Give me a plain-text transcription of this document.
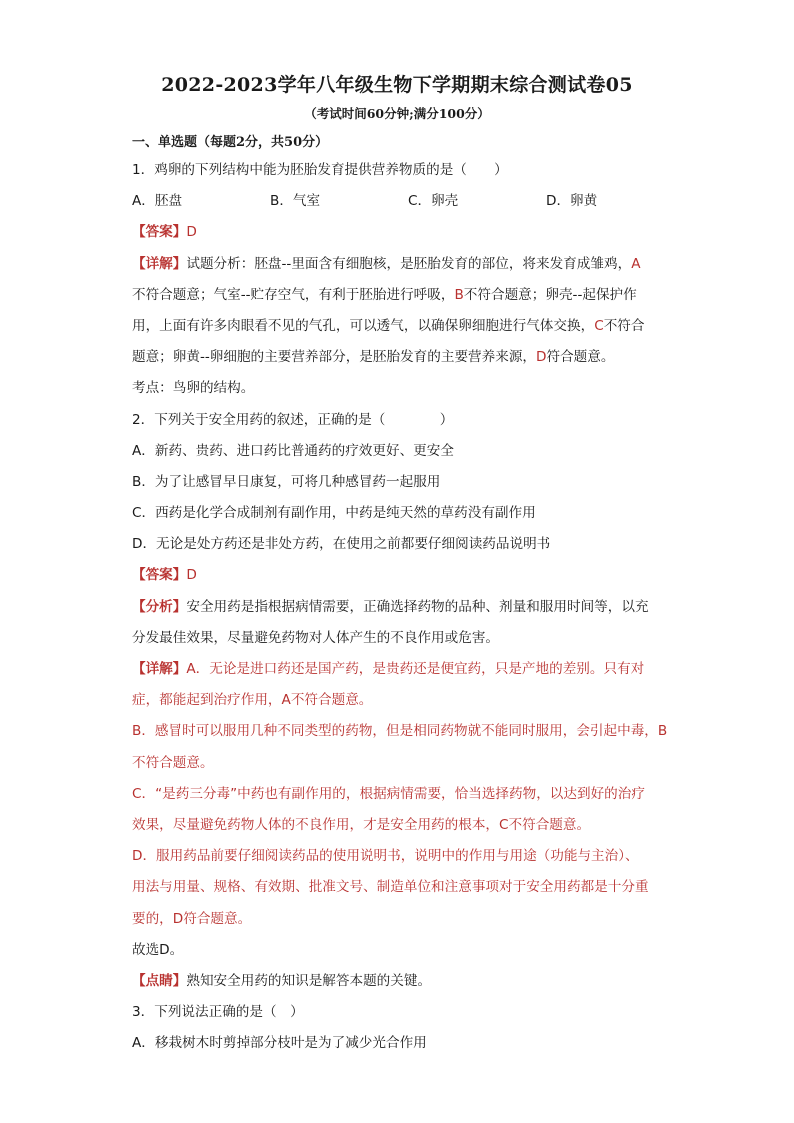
2022-2023学年八年级生物下学期期末综合测试卷05
（考试时间60分钟;满分100分）
一、单选题（每题2分，共50分）
1．鸡卵的下列结构中能为胚胎发育提供营养物质的是（　　）
A．胚盘	B．气室	C．卵壳	D．卵黄
【答案】D
【详解】试题分析：胚盘--里面含有细胞核，是胚胎发育的部位，将来发育成雏鸡，A
不符合题意；气室--贮存空气，有利于胚胎进行呼吸，B不符合题意；卵壳--起保护作
用，上面有许多肉眼看不见的气孔，可以透气，以确保卵细胞进行气体交换，C不符合
题意；卵黄--卵细胞的主要营养部分，是胚胎发育的主要营养来源，D符合题意。
考点：鸟卵的结构。
2．下列关于安全用药的叙述，正确的是（　　　　）
A．新药、贵药、进口药比普通药的疗效更好、更安全
B．为了让感冒早日康复，可将几种感冒药一起服用
C．西药是化学合成制剂有副作用，中药是纯天然的草药没有副作用
D．无论是处方药还是非处方药，在使用之前都要仔细阅读药品说明书
【答案】D
【分析】安全用药是指根据病情需要，正确选择药物的品种、剂量和服用时间等，以充
分发最佳效果，尽量避免药物对人体产生的不良作用或危害。
【详解】A．无论是进口药还是国产药，是贵药还是便宜药，只是产地的差别。只有对
症，都能起到治疗作用，A不符合题意。
B．感冒时可以服用几种不同类型的药物，但是相同药物就不能同时服用，会引起中毒，B
不符合题意。
C．“是药三分毒”中药也有副作用的，根据病情需要，恰当选择药物，以达到好的治疗
效果，尽量避免药物人体的不良作用，才是安全用药的根本，C不符合题意。
D．服用药品前要仔细阅读药品的使用说明书，说明中的作用与用途（功能与主治）、
用法与用量、规格、有效期、批准文号、制造单位和注意事项对于安全用药都是十分重
要的，D符合题意。
故选D。
【点睛】熟知安全用药的知识是解答本题的关键。
3．下列说法正确的是（　）
A．移栽树木时剪掉部分枝叶是为了减少光合作用
